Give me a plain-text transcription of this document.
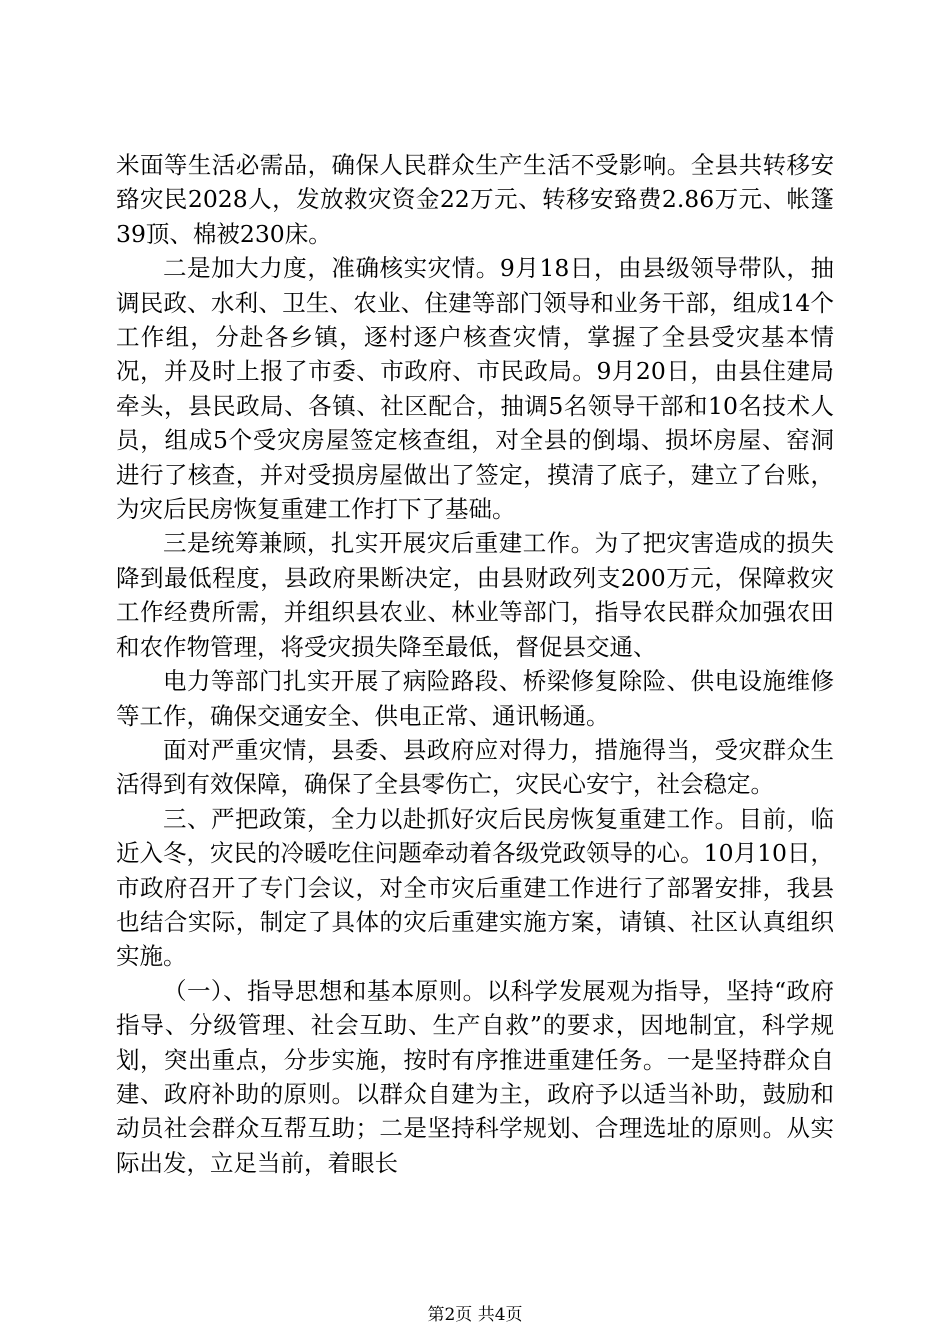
米面等生活必需品，确保人民群众生产生活不受影响。全县共转移安臵灾民2028人，发放救灾资金22万元、转移安臵费2.86万元、帐篷39顶、棉被230床。

二是加大力度，准确核实灾情。9月18日，由县级领导带队，抽调民政、水利、卫生、农业、住建等部门领导和业务干部，组成14个工作组，分赴各乡镇，逐村逐户核查灾情，掌握了全县受灾基本情况，并及时上报了市委、市政府、市民政局。9月20日，由县住建局牵头，县民政局、各镇、社区配合，抽调5名领导干部和10名技术人员，组成5个受灾房屋签定核查组，对全县的倒塌、损坏房屋、窑洞进行了核查，并对受损房屋做出了签定，摸清了底子，建立了台账，为灾后民房恢复重建工作打下了基础。

三是统筹兼顾，扎实开展灾后重建工作。为了把灾害造成的损失降到最低程度，县政府果断决定，由县财政列支200万元，保障救灾工作经费所需，并组织县农业、林业等部门，指导农民群众加强农田和农作物管理，将受灾损失降至最低，督促县交通、

电力等部门扎实开展了病险路段、桥梁修复除险、供电设施维修等工作，确保交通安全、供电正常、通讯畅通。

面对严重灾情，县委、县政府应对得力，措施得当，受灾群众生活得到有效保障，确保了全县零伤亡，灾民心安宁，社会稳定。

三、严把政策，全力以赴抓好灾后民房恢复重建工作。目前，临近入冬，灾民的冷暖吃住问题牵动着各级党政领导的心。10月10日，市政府召开了专门会议，对全市灾后重建工作进行了部署安排，我县也结合实际，制定了具体的灾后重建实施方案，请镇、社区认真组织实施。

（一）、指导思想和基本原则。以科学发展观为指导，坚持“政府指导、分级管理、社会互助、生产自救”的要求，因地制宜，科学规划，突出重点，分步实施，按时有序推进重建任务。一是坚持群众自建、政府补助的原则。以群众自建为主，政府予以适当补助，鼓励和动员社会群众互帮互助；二是坚持科学规划、合理选址的原则。从实际出发，立足当前，着眼长

第2页 共4页
